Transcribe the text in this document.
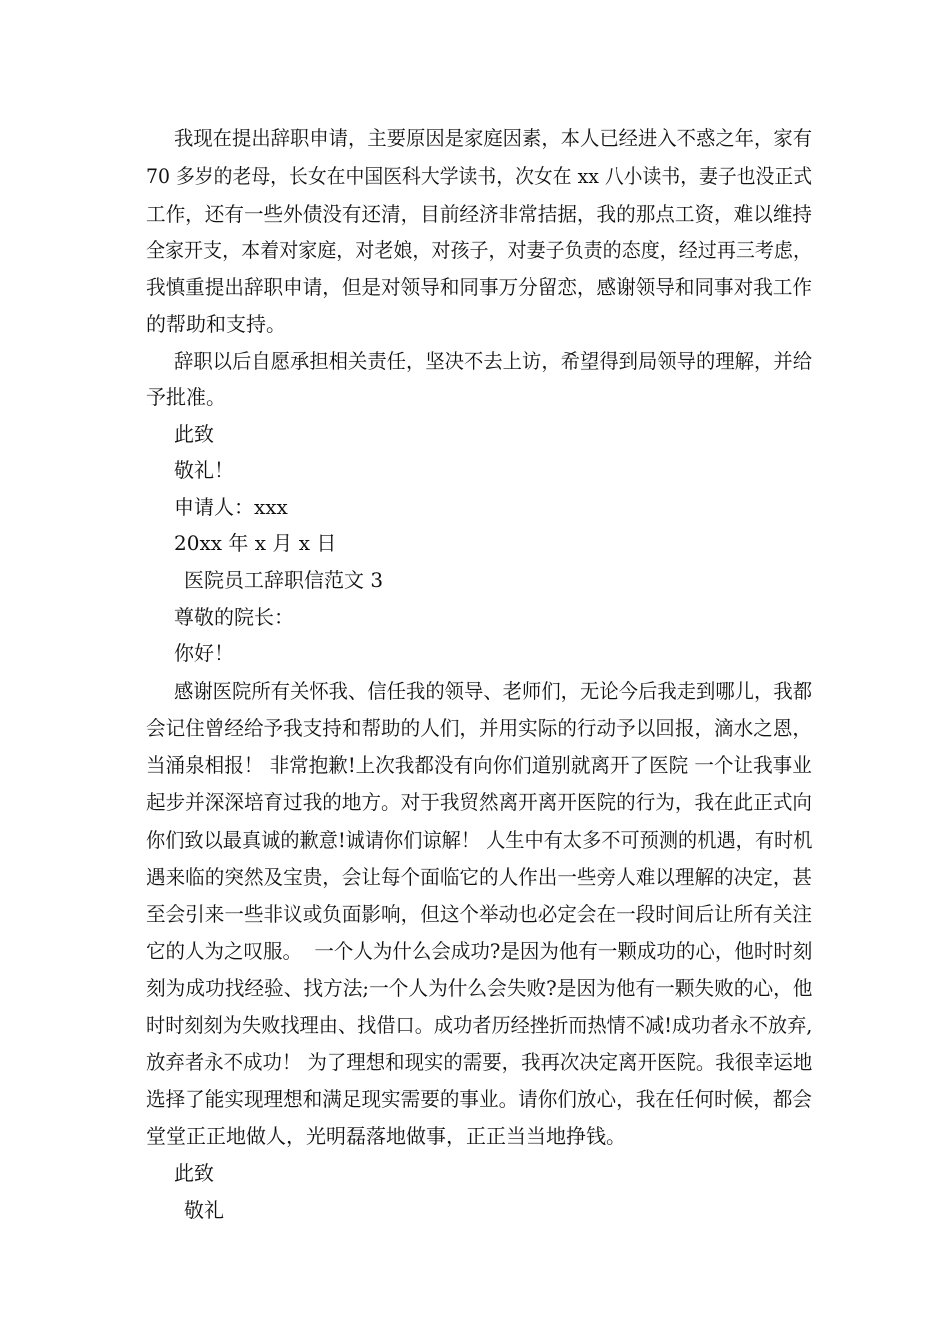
我现在提出辞职申请，主要原因是家庭因素，本人已经进入不惑之年，家有
70 多岁的老母，长女在中国医科大学读书，次女在 xx 八小读书，妻子也没正式
工作，还有一些外债没有还清，目前经济非常拮据，我的那点工资，难以维持
全家开支，本着对家庭，对老娘，对孩子，对妻子负责的态度，经过再三考虑，
我慎重提出辞职申请，但是对领导和同事万分留恋，感谢领导和同事对我工作
的帮助和支持。
辞职以后自愿承担相关责任，坚决不去上访，希望得到局领导的理解，并给
予批准。
此致
敬礼！
申请人：xxx
20xx 年 x 月 x 日
医院员工辞职信范文 3
尊敬的院长：
你好！
感谢医院所有关怀我、信任我的领导、老师们，无论今后我走到哪儿，我都
会记住曾经给予我支持和帮助的人们，并用实际的行动予以回报，滴水之恩，
当涌泉相报！ 非常抱歉!上次我都没有向你们道别就离开了医院 一个让我事业
起步并深深培育过我的地方。对于我贸然离开离开医院的行为，我在此正式向
你们致以最真诚的歉意!诚请你们谅解！ 人生中有太多不可预测的机遇，有时机
遇来临的突然及宝贵，会让每个面临它的人作出一些旁人难以理解的决定，甚
至会引来一些非议或负面影响，但这个举动也必定会在一段时间后让所有关注
它的人为之叹服。  一个人为什么会成功?是因为他有一颗成功的心，他时时刻
刻为成功找经验、找方法;一个人为什么会失败?是因为他有一颗失败的心，他
时时刻刻为失败找理由、找借口。成功者历经挫折而热情不减!成功者永不放弃,
放弃者永不成功！ 为了理想和现实的需要，我再次决定离开医院。我很幸运地
选择了能实现理想和满足现实需要的事业。请你们放心，我在任何时候，都会
堂堂正正地做人，光明磊落地做事，正正当当地挣钱。
此致
敬礼
